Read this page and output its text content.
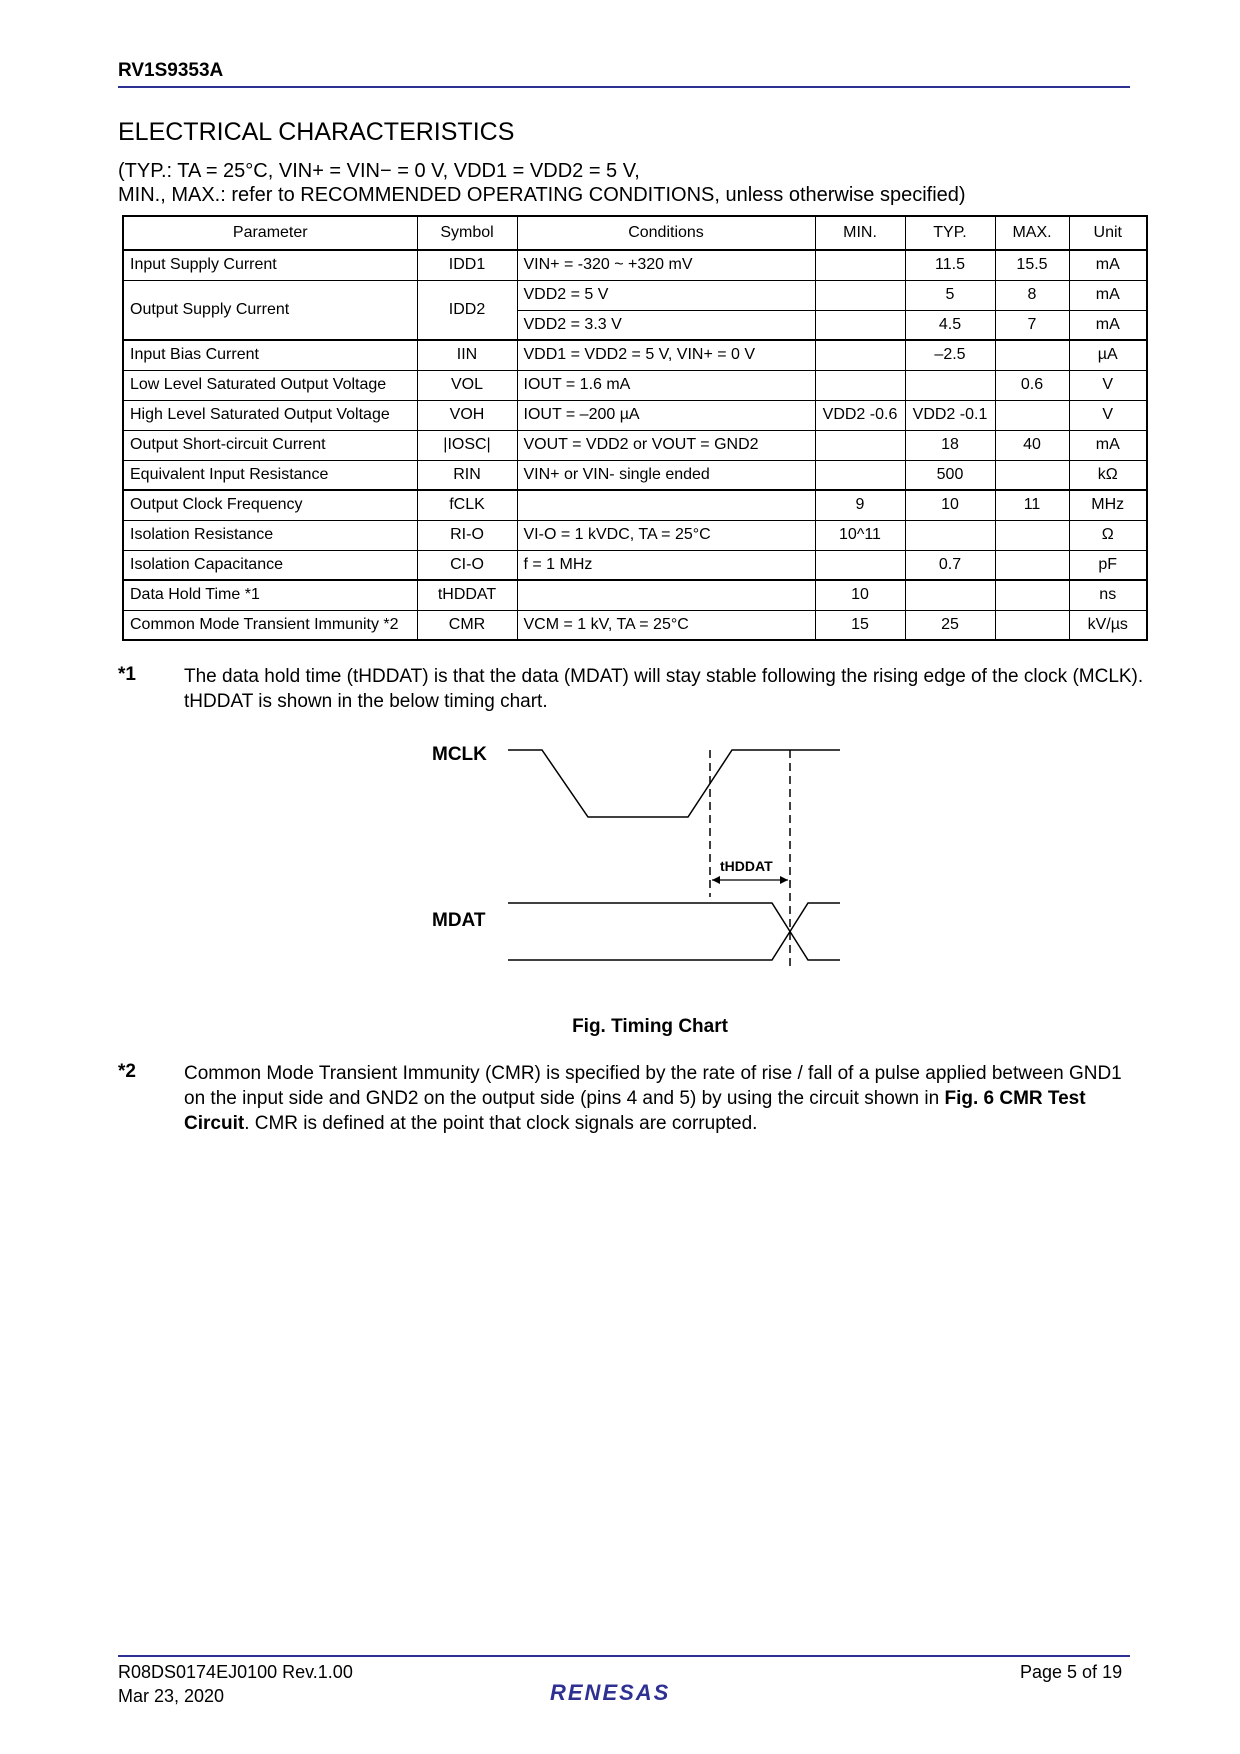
RV1S9353A
ELECTRICAL CHARACTERISTICS
(TYP.: TA = 25°C, VIN+ = VIN− = 0 V, VDD1 = VDD2 = 5 V,
MIN., MAX.: refer to RECOMMENDED OPERATING CONDITIONS, unless otherwise specified)
Parameter	Symbol	Conditions	MIN.	TYP.	MAX.	Unit
Input Supply Current	IDD1	VIN+ = -320 ~ +320 mV		11.5	15.5	mA
Output Supply Current	IDD2	VDD2 = 5 V		5	8	mA
		VDD2 = 3.3 V		4.5	7	mA
Input Bias Current	IIN	VDD1 = VDD2 = 5 V, VIN+ = 0 V		–2.5		µA
Low Level Saturated Output Voltage	VOL	IOUT = 1.6 mA			0.6	V
High Level Saturated Output Voltage	VOH	IOUT = –200 µA	VDD2 -0.6	VDD2 -0.1		V
Output Short-circuit Current	|IOSC|	VOUT = VDD2 or VOUT = GND2		18	40	mA
Equivalent Input Resistance	RIN	VIN+ or VIN- single ended		500		kΩ
Output Clock Frequency	fCLK		9	10	11	MHz
Isolation Resistance	RI-O	VI-O = 1 kVDC, TA = 25°C	10^11			Ω
Isolation Capacitance	CI-O	f = 1 MHz		0.7		pF
Data Hold Time *1	tHDDAT		10			ns
Common Mode Transient Immunity *2	CMR	VCM = 1 kV, TA = 25°C	15	25		kV/µs
*1	The data hold time (tHDDAT) is that the data (MDAT) will stay stable following the rising edge of the clock (MCLK).
tHDDAT is shown in the below timing chart.
MCLK
tHDDAT
MDAT
Fig. Timing Chart
*2	Common Mode Transient Immunity (CMR) is specified by the rate of rise / fall of a pulse applied between GND1
on the input side and GND2 on the output side (pins 4 and 5) by using the circuit shown in Fig. 6 CMR Test Circuit. CMR is defined at the point that clock signals are corrupted.
R08DS0174EJ0100 Rev.1.00
Mar 23, 2020
Page 5 of 19
RENESAS
